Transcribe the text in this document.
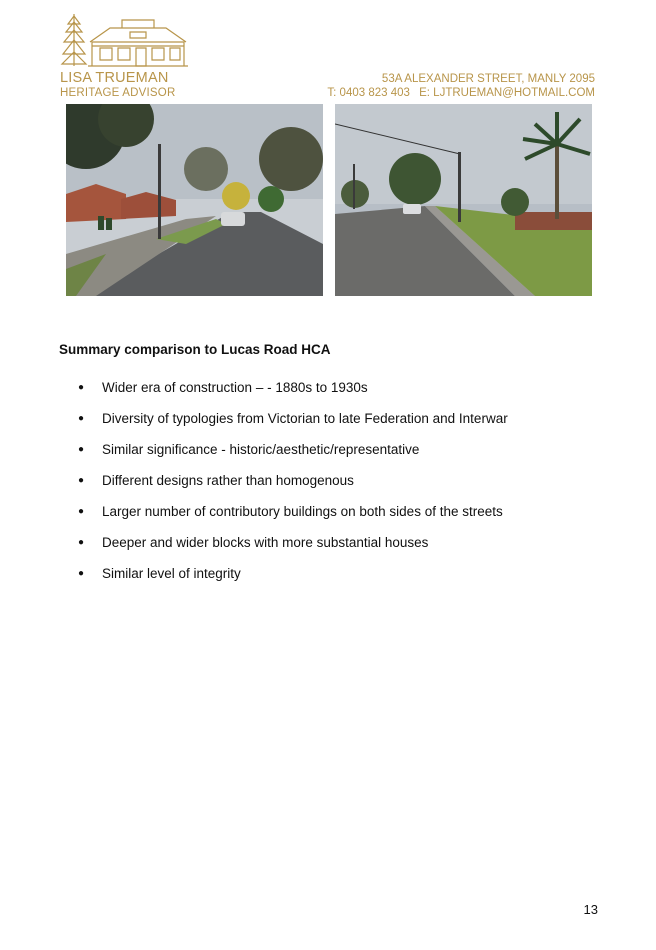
LISA TRUEMAN
HERITAGE ADVISOR
53A ALEXANDER STREET, MANLY 2095
T: 0403 823 403 E: LJTRUEMAN@HOTMAIL.COM
Summary comparison to Lucas Road HCA
●	Wider era of construction – - 1880s to 1930s
●	Diversity of typologies from Victorian to late Federation and Interwar
●	Similar significance - historic/aesthetic/representative
●	Different designs rather than homogenous
●	Larger number of contributory buildings on both sides of the streets
●	Deeper and wider blocks with more substantial houses
●	Similar level of integrity
13
